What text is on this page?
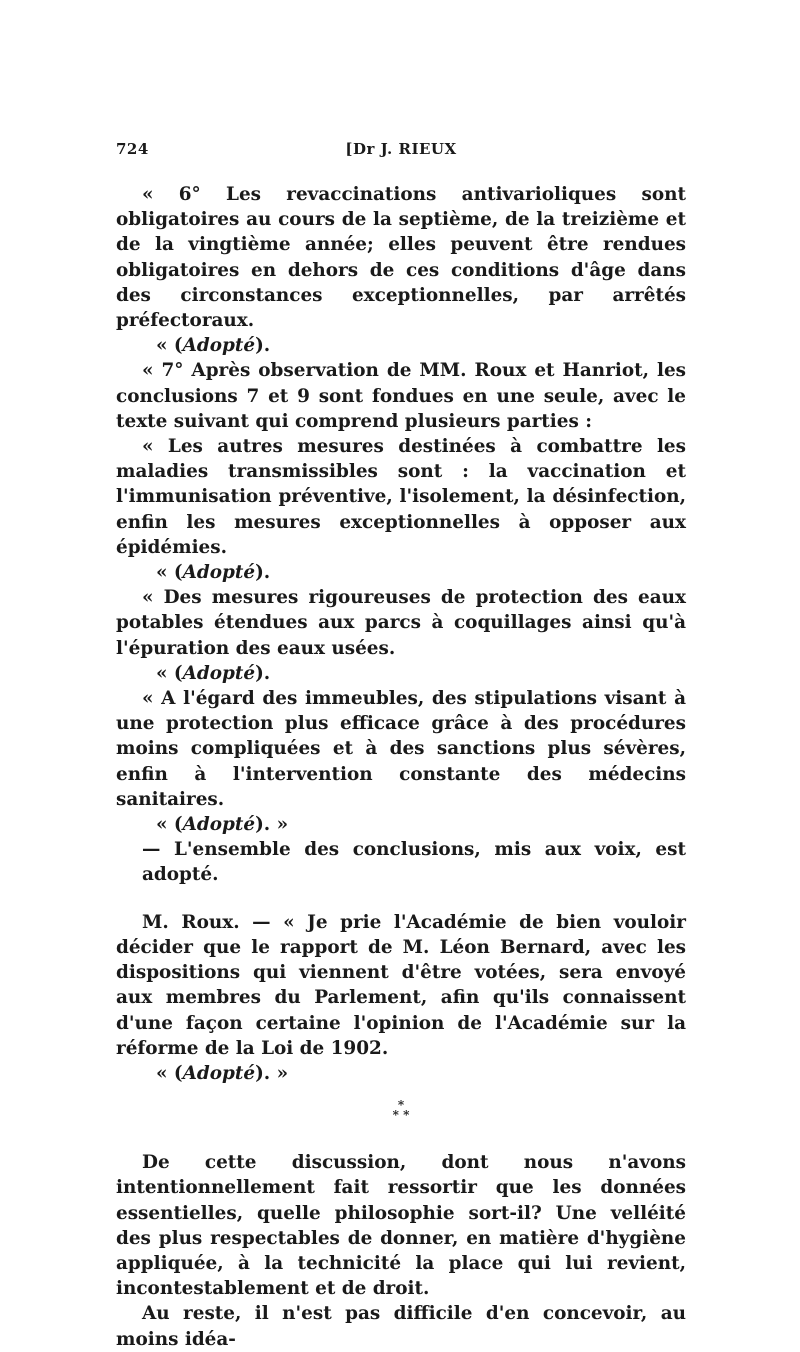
724	[Dr J. RIEUX

« 6° Les revaccinations antivarioliques sont obligatoires au cours de la septième, de la treizième et de la vingtième année; elles peuvent être rendues obligatoires en dehors de ces conditions d'âge dans des circonstances exceptionnelles, par arrêtés préfectoraux.

« (Adopté).

« 7° Après observation de MM. Roux et Hanriot, les conclusions 7 et 9 sont fondues en une seule, avec le texte suivant qui comprend plusieurs parties :

« Les autres mesures destinées à combattre les maladies transmissibles sont : la vaccination et l'immunisation préventive, l'isolement, la désinfection, enfin les mesures exceptionnelles à opposer aux épidémies.

« (Adopté).

« Des mesures rigoureuses de protection des eaux potables étendues aux parcs à coquillages ainsi qu'à l'épuration des eaux usées.

« (Adopté).

« A l'égard des immeubles, des stipulations visant à une protection plus efficace grâce à des procédures moins compliquées et à des sanctions plus sévères, enfin à l'intervention constante des médecins sanitaires.

« (Adopté). »

— L'ensemble des conclusions, mis aux voix, est adopté.

M. Roux. — « Je prie l'Académie de bien vouloir décider que le rapport de M. Léon Bernard, avec les dispositions qui viennent d'être votées, sera envoyé aux membres du Parlement, afin qu'ils connaissent d'une façon certaine l'opinion de l'Académie sur la réforme de la Loi de 1902.

« (Adopté). »

*
* *

De cette discussion, dont nous n'avons intentionnellement fait ressortir que les données essentielles, quelle philosophie sort-il? Une velléité des plus respectables de donner, en matière d'hygiène appliquée, à la technicité la place qui lui revient, incontestablement et de droit.

Au reste, il n'est pas difficile d'en concevoir, au moins idéa-
